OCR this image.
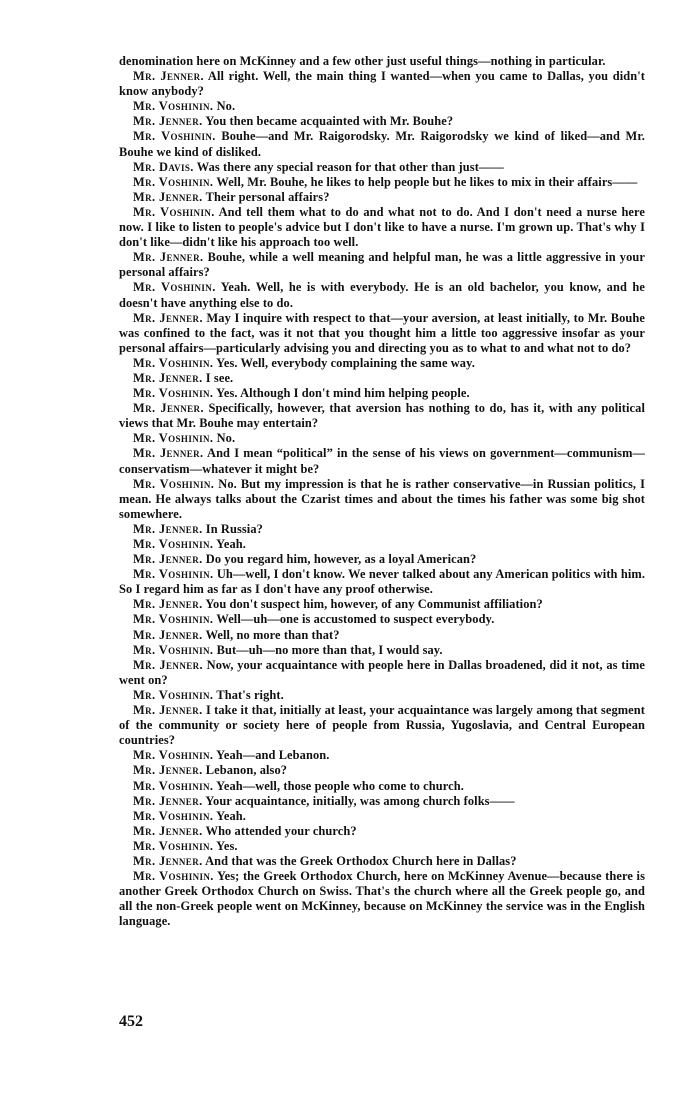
denomination here on McKinney and a few other just useful things—nothing in particular.

Mr. Jenner. All right. Well, the main thing I wanted—when you came to Dallas, you didn't know anybody?

Mr. Voshinin. No.

Mr. Jenner. You then became acquainted with Mr. Bouhe?

Mr. Voshinin. Bouhe—and Mr. Raigorodsky. Mr. Raigorodsky we kind of liked—and Mr. Bouhe we kind of disliked.

Mr. Davis. Was there any special reason for that other than just——

Mr. Voshinin. Well, Mr. Bouhe, he likes to help people but he likes to mix in their affairs——

Mr. Jenner. Their personal affairs?

Mr. Voshinin. And tell them what to do and what not to do. And I don't need a nurse here now. I like to listen to people's advice but I don't like to have a nurse. I'm grown up. That's why I don't like—didn't like his approach too well.

Mr. Jenner. Bouhe, while a well meaning and helpful man, he was a little aggressive in your personal affairs?

Mr. Voshinin. Yeah. Well, he is with everybody. He is an old bachelor, you know, and he doesn't have anything else to do.

Mr. Jenner. May I inquire with respect to that—your aversion, at least initially, to Mr. Bouhe was confined to the fact, was it not that you thought him a little too aggressive insofar as your personal affairs—particularly advising you and directing you as to what to and what not to do?

Mr. Voshinin. Yes. Well, everybody complaining the same way.

Mr. Jenner. I see.

Mr. Voshinin. Yes. Although I don't mind him helping people.

Mr. Jenner. Specifically, however, that aversion has nothing to do, has it, with any political views that Mr. Bouhe may entertain?

Mr. Voshinin. No.

Mr. Jenner. And I mean “political” in the sense of his views on government—communism—conservatism—whatever it might be?

Mr. Voshinin. No. But my impression is that he is rather conservative—in Russian politics, I mean. He always talks about the Czarist times and about the times his father was some big shot somewhere.

Mr. Jenner. In Russia?

Mr. Voshinin. Yeah.

Mr. Jenner. Do you regard him, however, as a loyal American?

Mr. Voshinin. Uh—well, I don't know. We never talked about any American politics with him. So I regard him as far as I don't have any proof otherwise.

Mr. Jenner. You don't suspect him, however, of any Communist affiliation?

Mr. Voshinin. Well—uh—one is accustomed to suspect everybody.

Mr. Jenner. Well, no more than that?

Mr. Voshinin. But—uh—no more than that, I would say.

Mr. Jenner. Now, your acquaintance with people here in Dallas broadened, did it not, as time went on?

Mr. Voshinin. That's right.

Mr. Jenner. I take it that, initially at least, your acquaintance was largely among that segment of the community or society here of people from Russia, Yugoslavia, and Central European countries?

Mr. Voshinin. Yeah—and Lebanon.

Mr. Jenner. Lebanon, also?

Mr. Voshinin. Yeah—well, those people who come to church.

Mr. Jenner. Your acquaintance, initially, was among church folks——

Mr. Voshinin. Yeah.

Mr. Jenner. Who attended your church?

Mr. Voshinin. Yes.

Mr. Jenner. And that was the Greek Orthodox Church here in Dallas?

Mr. Voshinin. Yes; the Greek Orthodox Church, here on McKinney Avenue—because there is another Greek Orthodox Church on Swiss. That's the church where all the Greek people go, and all the non-Greek people went on McKinney, because on McKinney the service was in the English language.

452
